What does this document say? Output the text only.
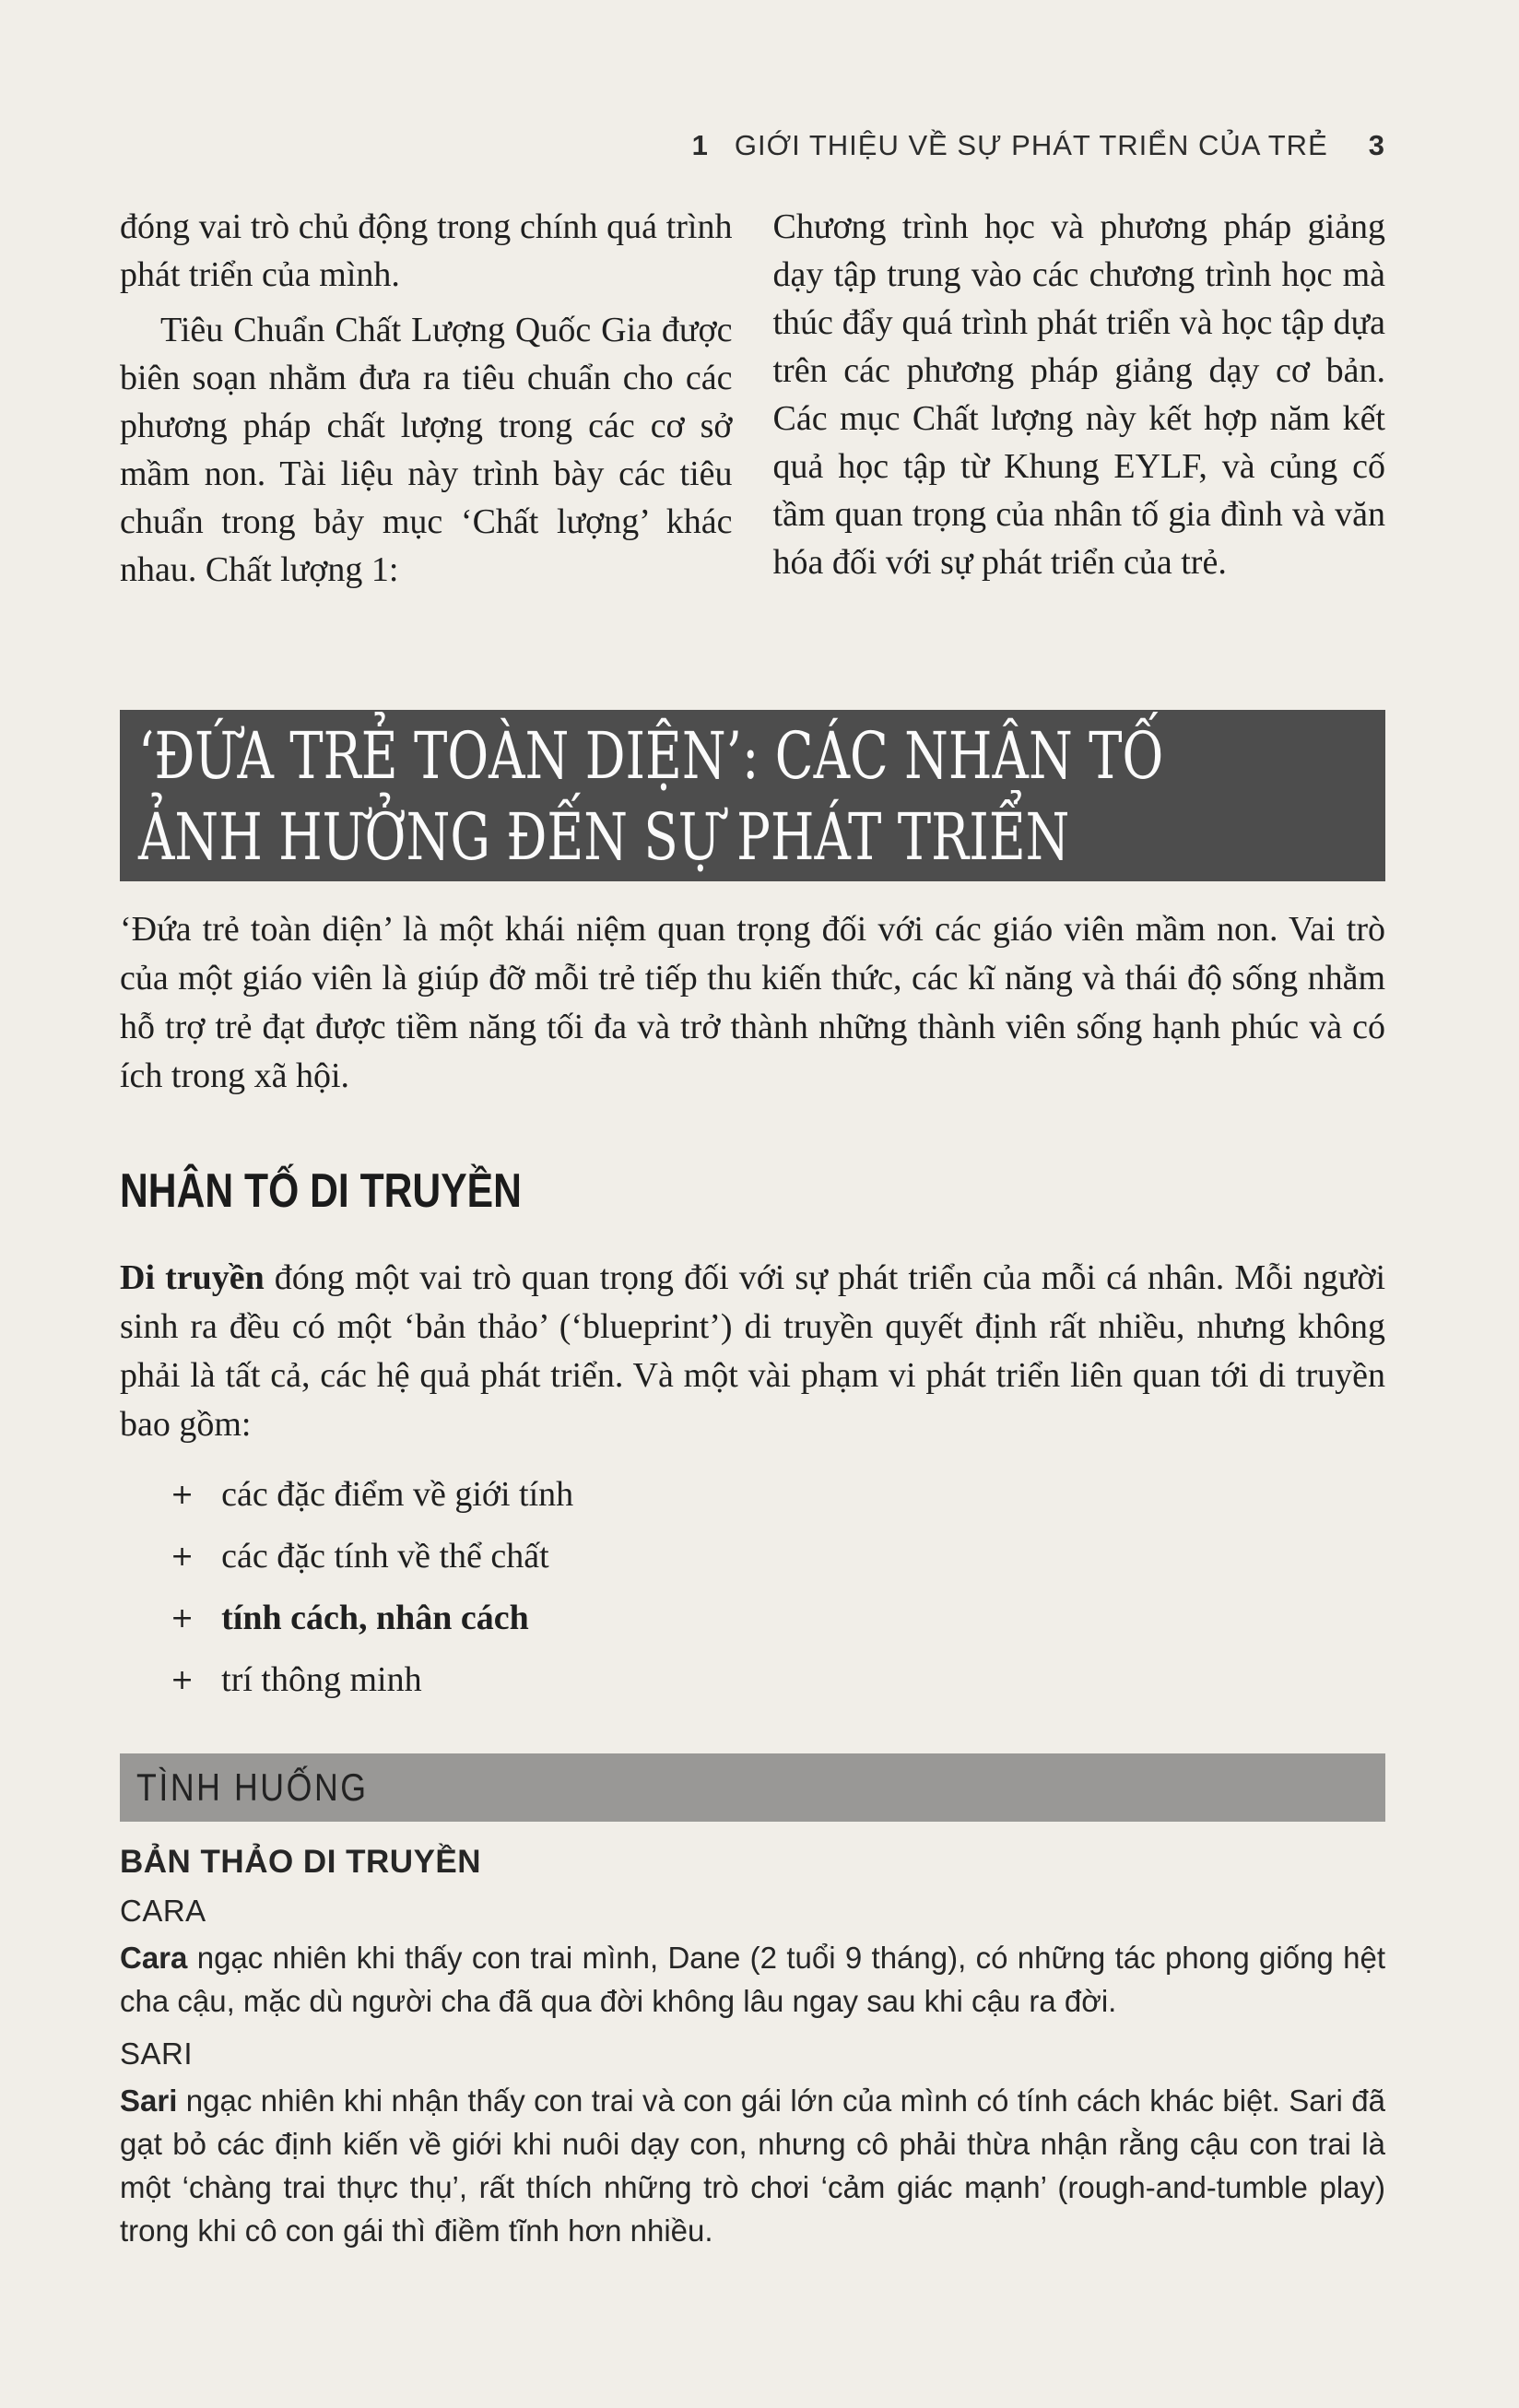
1 GIỚI THIỆU VỀ SỰ PHÁT TRIỂN CỦA TRẺ 3

đóng vai trò chủ động trong chính quá trình phát triển của mình.

Tiêu Chuẩn Chất Lượng Quốc Gia được biên soạn nhằm đưa ra tiêu chuẩn cho các phương pháp chất lượng trong các cơ sở mầm non. Tài liệu này trình bày các tiêu chuẩn trong bảy mục ‘Chất lượng’ khác nhau. Chất lượng 1:

Chương trình học và phương pháp giảng dạy tập trung vào các chương trình học mà thúc đẩy quá trình phát triển và học tập dựa trên các phương pháp giảng dạy cơ bản. Các mục Chất lượng này kết hợp năm kết quả học tập từ Khung EYLF, và củng cố tầm quan trọng của nhân tố gia đình và văn hóa đối với sự phát triển của trẻ.

‘ĐỨA TRẺ TOÀN DIỆN’: CÁC NHÂN TỐ
ẢNH HƯỞNG ĐẾN SỰ PHÁT TRIỂN

‘Đứa trẻ toàn diện’ là một khái niệm quan trọng đối với các giáo viên mầm non. Vai trò của một giáo viên là giúp đỡ mỗi trẻ tiếp thu kiến thức, các kĩ năng và thái độ sống nhằm hỗ trợ trẻ đạt được tiềm năng tối đa và trở thành những thành viên sống hạnh phúc và có ích trong xã hội.

NHÂN TỐ DI TRUYỀN

Di truyền đóng một vai trò quan trọng đối với sự phát triển của mỗi cá nhân. Mỗi người sinh ra đều có một ‘bản thảo’ (‘blueprint’) di truyền quyết định rất nhiều, nhưng không phải là tất cả, các hệ quả phát triển. Và một vài phạm vi phát triển liên quan tới di truyền bao gồm:

+ các đặc điểm về giới tính
+ các đặc tính về thể chất
+ tính cách, nhân cách
+ trí thông minh
TÌNH HUỐNG

BẢN THẢO DI TRUYỀN

CARA

Cara ngạc nhiên khi thấy con trai mình, Dane (2 tuổi 9 tháng), có những tác phong giống hệt cha cậu, mặc dù người cha đã qua đời không lâu ngay sau khi cậu ra đời.

SARI

Sari ngạc nhiên khi nhận thấy con trai và con gái lớn của mình có tính cách khác biệt. Sari đã gạt bỏ các định kiến về giới khi nuôi dạy con, nhưng cô phải thừa nhận rằng cậu con trai là một ‘chàng trai thực thụ’, rất thích những trò chơi ‘cảm giác mạnh’ (rough-and-tumble play) trong khi cô con gái thì điềm tĩnh hơn nhiều.
